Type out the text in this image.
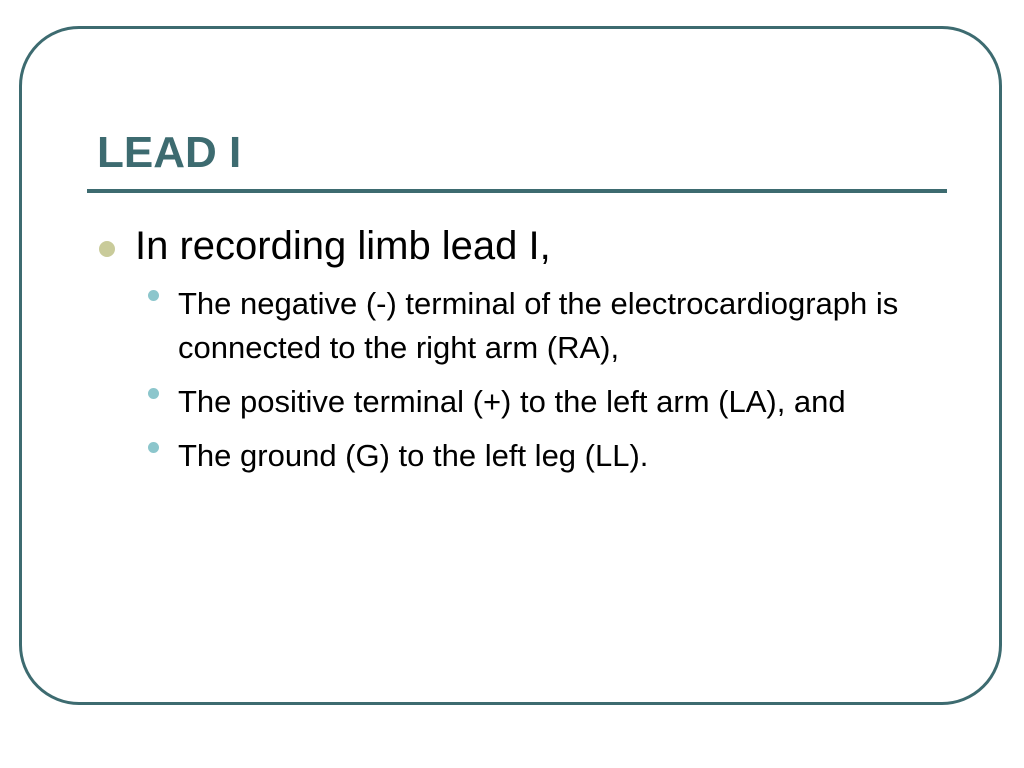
LEAD I
In recording limb lead I,
The negative (-) terminal of the electrocardiograph is connected to the right arm (RA),
The positive terminal (+) to the left arm (LA), and
The ground (G) to the left leg (LL).
